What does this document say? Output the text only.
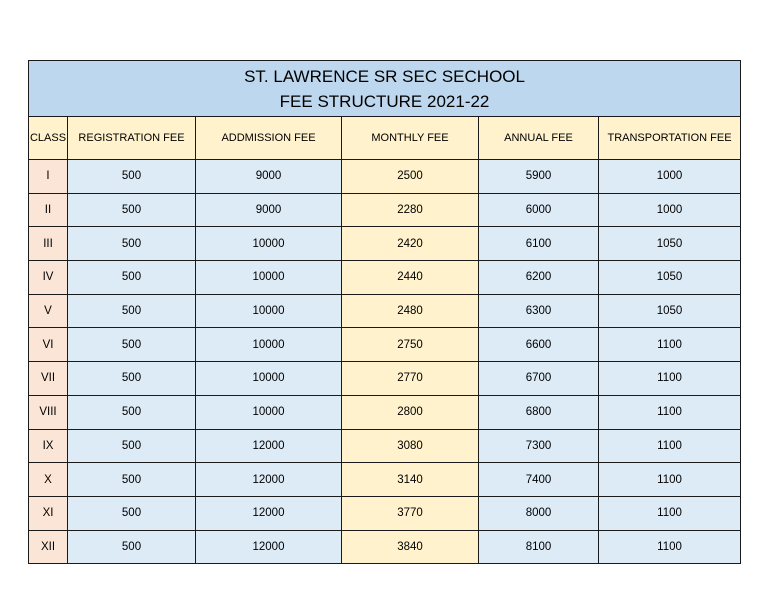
ST. LAWRENCE SR SEC SECHOOL
FEE STRUCTURE 2021-22					

CLASS	REGISTRATION FEE	ADDMISSION FEE	MONTHLY FEE	ANNUAL FEE	TRANSPORTATION FEE
I	500	9000	2500	5900	1000
II	500	9000	2280	6000	1000
III	500	10000	2420	6100	1050
IV	500	10000	2440	6200	1050
V	500	10000	2480	6300	1050
VI	500	10000	2750	6600	1100
VII	500	10000	2770	6700	1100
VIII	500	10000	2800	6800	1100
IX	500	12000	3080	7300	1100
X	500	12000	3140	7400	1100
XI	500	12000	3770	8000	1100
XII	500	12000	3840	8100	1100
